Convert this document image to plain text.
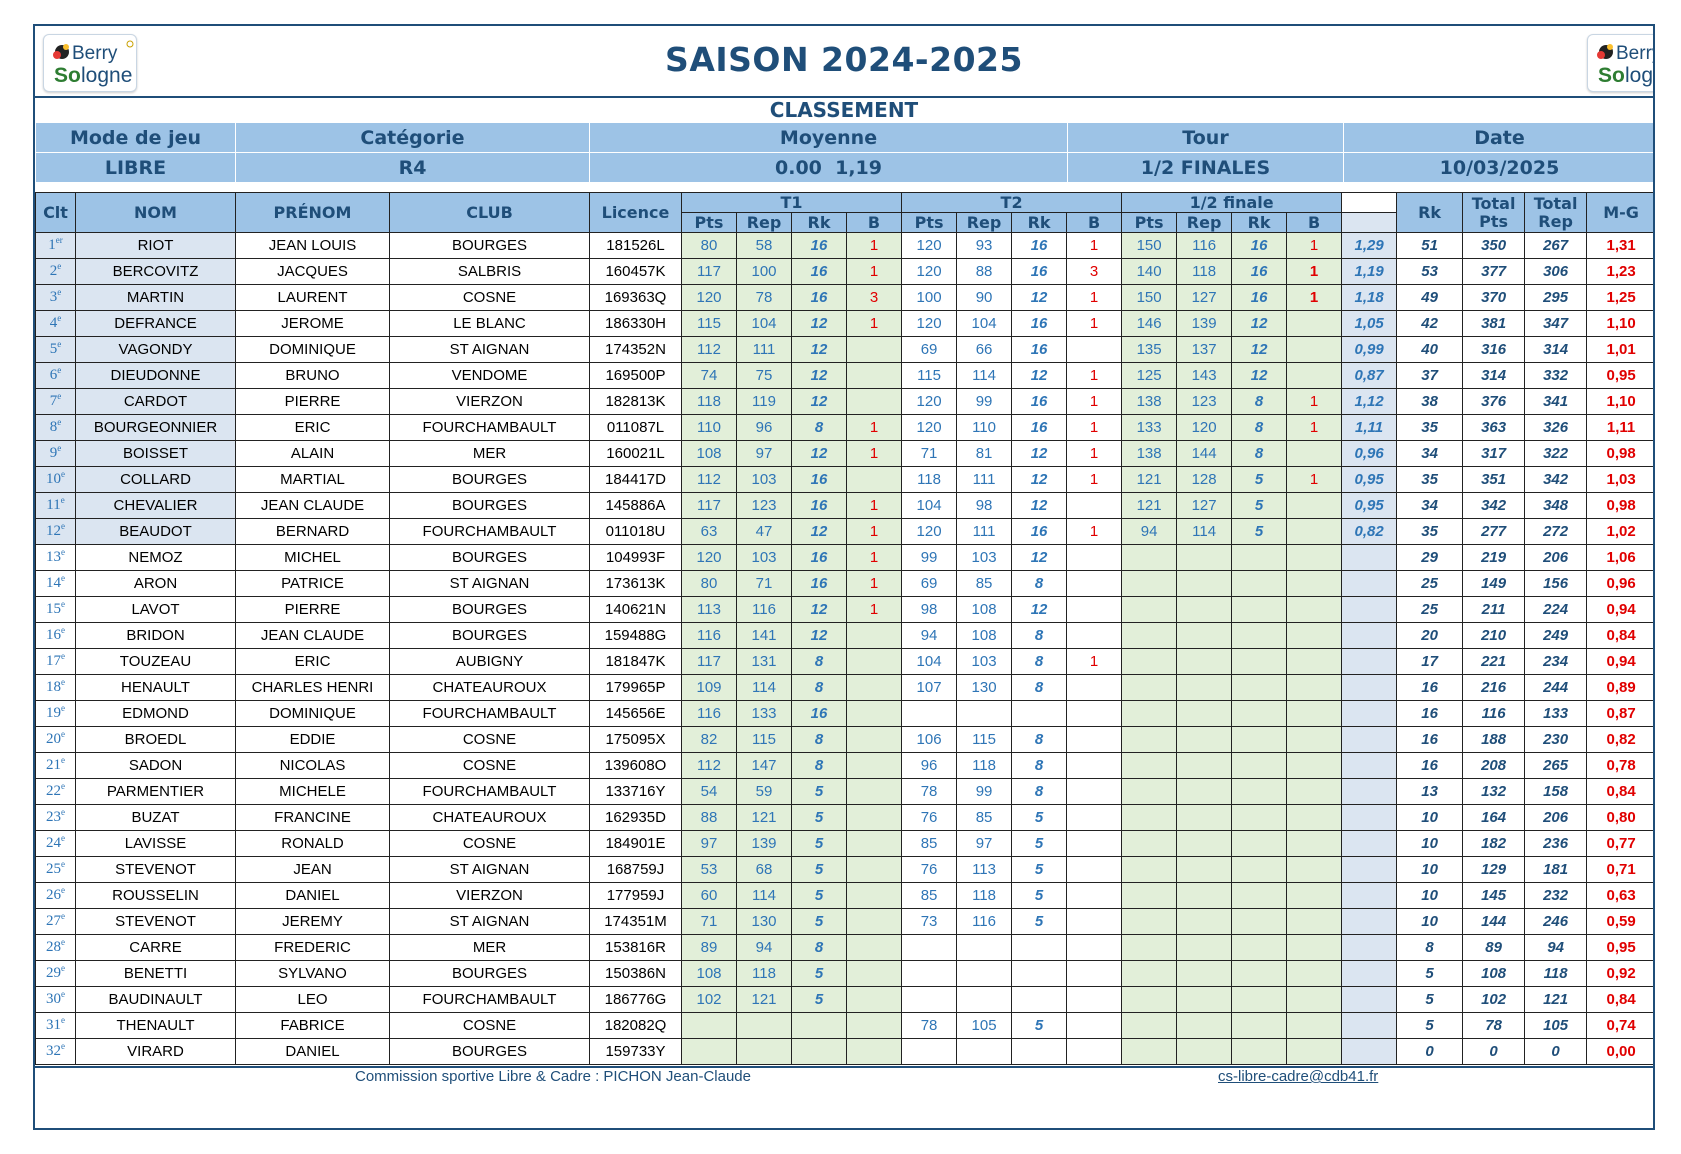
Berry
So logne
Berry
So logne
SAISON 2024-2025
CLASSEMENT
Mode de jeu	Catégorie	Moyenne	Tour	Date
LIBRE	R4	0.00  1,19	1/2 FINALES	10/03/2025
Clt	NOM	PRÉNOM	CLUB	Licence	T1				T2				1/2 finale					Rk	Total Pts	Total Rep	M-G
					Pts	Rep	Rk	B	Pts	Rep	Rk	B	Pts	Rep	Rk	B					
1er	RIOT	JEAN LOUIS	BOURGES	181526L	80	58	16	1	120	93	16	1	150	116	16	1	1,29	51	350	267	1,31
2e	BERCOVITZ	JACQUES	SALBRIS	160457K	117	100	16	1	120	88	16	3	140	118	16	1	1,19	53	377	306	1,23
3e	MARTIN	LAURENT	COSNE	169363Q	120	78	16	3	100	90	12	1	150	127	16	1	1,18	49	370	295	1,25
4e	DEFRANCE	JEROME	LE BLANC	186330H	115	104	12	1	120	104	16	1	146	139	12		1,05	42	381	347	1,10
5e	VAGONDY	DOMINIQUE	ST AIGNAN	174352N	112	111	12		69	66	16		135	137	12		0,99	40	316	314	1,01
6e	DIEUDONNE	BRUNO	VENDOME	169500P	74	75	12		115	114	12	1	125	143	12		0,87	37	314	332	0,95
7e	CARDOT	PIERRE	VIERZON	182813K	118	119	12		120	99	16	1	138	123	8	1	1,12	38	376	341	1,10
8e	BOURGEONNIER	ERIC	FOURCHAMBAULT	011087L	110	96	8	1	120	110	16	1	133	120	8	1	1,11	35	363	326	1,11
9e	BOISSET	ALAIN	MER	160021L	108	97	12	1	71	81	12	1	138	144	8		0,96	34	317	322	0,98
10e	COLLARD	MARTIAL	BOURGES	184417D	112	103	16		118	111	12	1	121	128	5	1	0,95	35	351	342	1,03
11e	CHEVALIER	JEAN CLAUDE	BOURGES	145886A	117	123	16	1	104	98	12		121	127	5		0,95	34	342	348	0,98
12e	BEAUDOT	BERNARD	FOURCHAMBAULT	011018U	63	47	12	1	120	111	16	1	94	114	5		0,82	35	277	272	1,02
13e	NEMOZ	MICHEL	BOURGES	104993F	120	103	16	1	99	103	12							29	219	206	1,06
14e	ARON	PATRICE	ST AIGNAN	173613K	80	71	16	1	69	85	8							25	149	156	0,96
15e	LAVOT	PIERRE	BOURGES	140621N	113	116	12	1	98	108	12							25	211	224	0,94
16e	BRIDON	JEAN CLAUDE	BOURGES	159488G	116	141	12		94	108	8							20	210	249	0,84
17e	TOUZEAU	ERIC	AUBIGNY	181847K	117	131	8		104	103	8	1						17	221	234	0,94
18e	HENAULT	CHARLES HENRI	CHATEAUROUX	179965P	109	114	8		107	130	8							16	216	244	0,89
19e	EDMOND	DOMINIQUE	FOURCHAMBAULT	145656E	116	133	16											16	116	133	0,87
20e	BROEDL	EDDIE	COSNE	175095X	82	115	8		106	115	8							16	188	230	0,82
21e	SADON	NICOLAS	COSNE	139608O	112	147	8		96	118	8							16	208	265	0,78
22e	PARMENTIER	MICHELE	FOURCHAMBAULT	133716Y	54	59	5		78	99	8							13	132	158	0,84
23e	BUZAT	FRANCINE	CHATEAUROUX	162935D	88	121	5		76	85	5							10	164	206	0,80
24e	LAVISSE	RONALD	COSNE	184901E	97	139	5		85	97	5							10	182	236	0,77
25e	STEVENOT	JEAN	ST AIGNAN	168759J	53	68	5		76	113	5							10	129	181	0,71
26e	ROUSSELIN	DANIEL	VIERZON	177959J	60	114	5		85	118	5							10	145	232	0,63
27e	STEVENOT	JEREMY	ST AIGNAN	174351M	71	130	5		73	116	5							10	144	246	0,59
28e	CARRE	FREDERIC	MER	153816R	89	94	8											8	89	94	0,95
29e	BENETTI	SYLVANO	BOURGES	150386N	108	118	5											5	108	118	0,92
30e	BAUDINAULT	LEO	FOURCHAMBAULT	186776G	102	121	5											5	102	121	0,84
31e	THENAULT	FABRICE	COSNE	182082Q					78	105	5							5	78	105	0,74
32e	VIRARD	DANIEL	BOURGES	159733Y														0	0	0	0,00
Commission sportive Libre & Cadre : PICHON Jean-Claude	cs-libre-cadre@cdb41.fr
